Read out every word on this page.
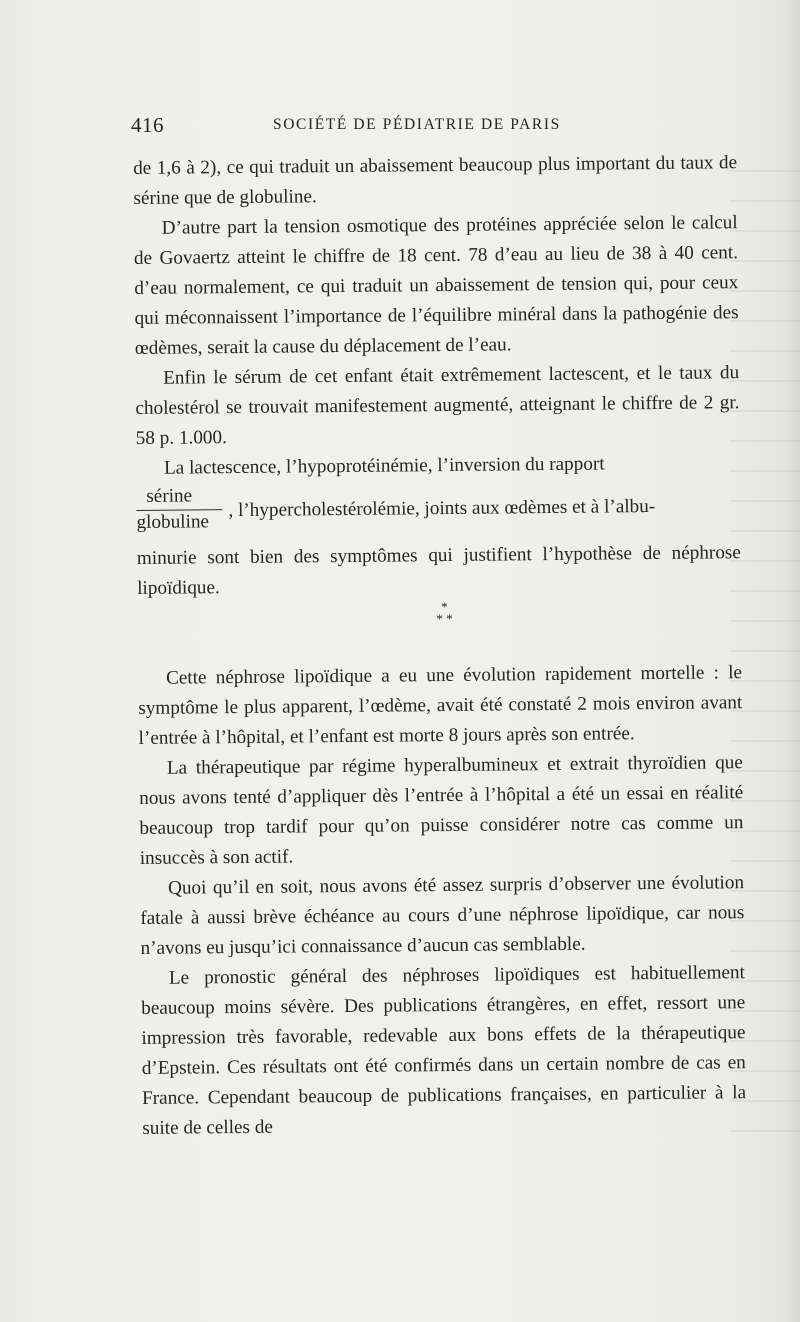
416	SOCIÉTÉ DE PÉDIATRIE DE PARIS

de 1,6 à 2), ce qui traduit un abaissement beaucoup plus important du taux de sérine que de globuline.

D’autre part la tension osmotique des protéines appréciée selon le calcul de Govaertz atteint le chiffre de 18 cent. 78 d’eau au lieu de 38 à 40 cent. d’eau normalement, ce qui traduit un abaissement de tension qui, pour ceux qui méconnaissent l’importance de l’équilibre minéral dans la pathogénie des œdèmes, serait la cause du déplacement de l’eau.

Enfin le sérum de cet enfant était extrêmement lactescent, et le taux du cholestérol se trouvait manifestement augmenté, atteignant le chiffre de 2 gr. 58 p. 1.000.

La lactescence, l’hypoprotéinémie, l’inversion du rapport

sérine
globuline
, l’hypercholestérolémie, joints aux œdèmes et à l’albu-

minurie sont bien des symptômes qui justifient l’hypothèse de néphrose lipoïdique.

*
* *

Cette néphrose lipoïdique a eu une évolution rapidement mortelle : le symptôme le plus apparent, l’œdème, avait été constaté 2 mois environ avant l’entrée à l’hôpital, et l’enfant est morte 8 jours après son entrée.

La thérapeutique par régime hyperalbumineux et extrait thyroïdien que nous avons tenté d’appliquer dès l’entrée à l’hôpital a été un essai en réalité beaucoup trop tardif pour qu’on puisse considérer notre cas comme un insuccès à son actif.

Quoi qu’il en soit, nous avons été assez surpris d’observer une évolution fatale à aussi brève échéance au cours d’une néphrose lipoïdique, car nous n’avons eu jusqu’ici connaissance d’aucun cas semblable.

Le pronostic général des néphroses lipoïdiques est habituellement beaucoup moins sévère. Des publications étrangères, en effet, ressort une impression très favorable, redevable aux bons effets de la thérapeutique d’Epstein. Ces résultats ont été confirmés dans un certain nombre de cas en France. Cependant beaucoup de publications françaises, en particulier à la suite de celles de
